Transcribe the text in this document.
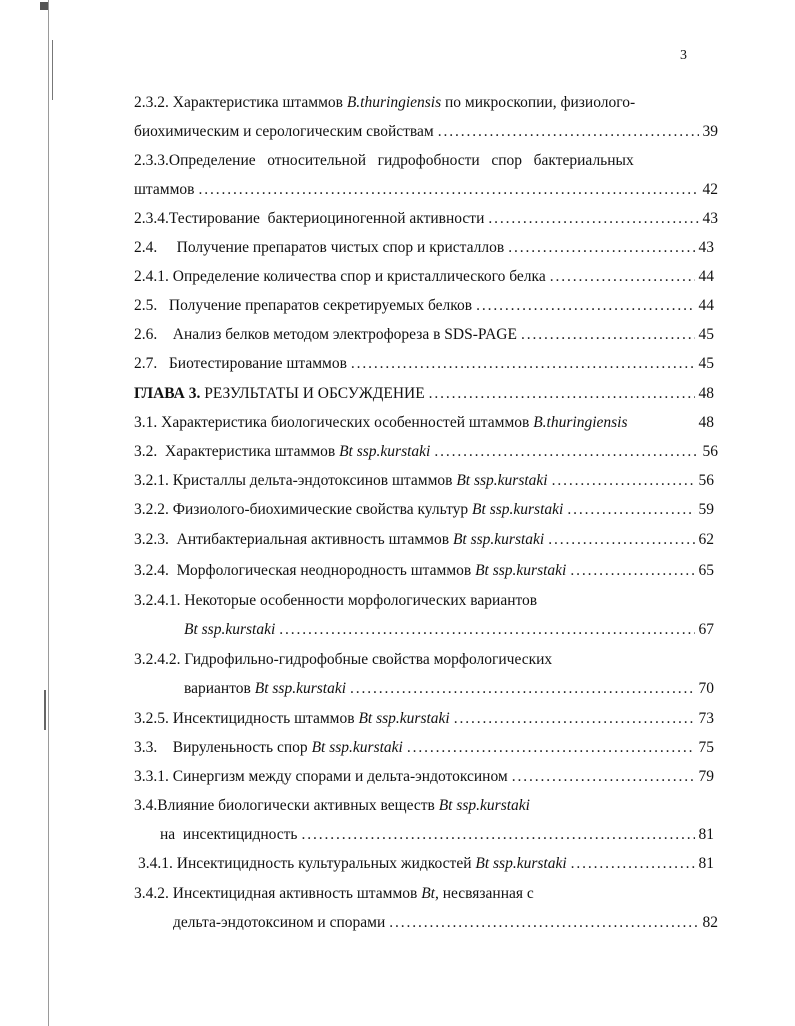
3
2.3.2. Характеристика штаммов B.thuringiensis по микроскопии, физиолого-
биохимическим и серологическим свойствам . . .	39
2.3.3.Определение   относительной   гидрофобности   спор   бактериальных
штаммов . . .	42
2.3.4.Тестирование  бактериоциногенной активности . . .	43
2.4.     Получение препаратов чистых спор и кристаллов . . .	43
2.4.1. Определение количества спор и кристаллического белка . . .	44
2.5.   Получение препаратов секретируемых белков . . .	44
2.6.    Анализ белков методом электрофореза в SDS-PAGE . . .	45
2.7.   Биотестирование штаммов . . .	45
ГЛАВА 3. РЕЗУЛЬТАТЫ И ОБСУЖДЕНИЕ . . .	48
3.1. Характеристика биологических особенностей штаммов B.thuringiensis	48
3.2.  Характеристика штаммов Bt ssp.kurstaki . . .	56
3.2.1. Кристаллы дельта-эндотоксинов штаммов Bt ssp.kurstaki . . .	56
3.2.2. Физиолого-биохимические свойства культур Bt ssp.kurstaki . . .	59
3.2.3.  Антибактериальная активность штаммов Bt ssp.kurstaki . . .	62
3.2.4.  Морфологическая неоднородность штаммов Bt ssp.kurstaki . . .	65
3.2.4.1. Некоторые особенности морфологических вариантов
Bt ssp.kurstaki . . .	67
3.2.4.2. Гидрофильно-гидрофобные свойства морфологических
вариантов Bt ssp.kurstaki . . .	70
3.2.5. Инсектицидность штаммов Bt ssp.kurstaki . . .	73
3.3.    Вируленьность спор Bt ssp.kurstaki . . .	75
3.3.1. Синергизм между спорами и дельта-эндотоксином . . .	79
3.4.Влияние биологически активных веществ Bt ssp.kurstaki
на  инсектицидность . . .	81
3.4.1. Инсектицидность культуральных жидкостей Bt ssp.kurstaki . . .	81
3.4.2. Инсектицидная активность штаммов Bt, несвязанная с
дельта-эндотоксином и спорами . . .	82
